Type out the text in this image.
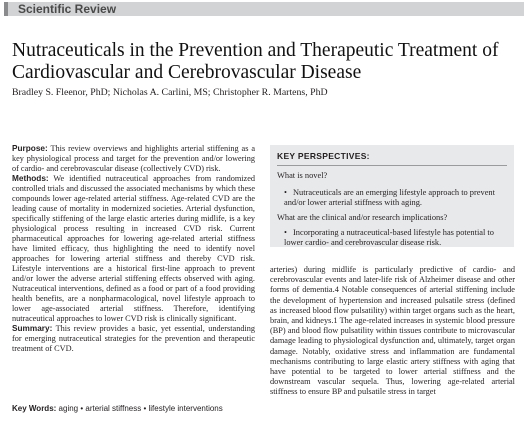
Scientific Review
Nutraceuticals in the Prevention and Therapeutic Treatment of Cardiovascular and Cerebrovascular Disease
Bradley S. Fleenor, PhD; Nicholas A. Carlini, MS; Christopher R. Martens, PhD

Purpose: This review overviews and highlights arterial stiffening as a key physiological process and target for the prevention and/or lowering of cardio- and cerebrovascular disease (collectively CVD) risk.

Methods: We identified nutraceutical approaches from randomized controlled trials and discussed the associated mechanisms by which these compounds lower age-related arterial stiffness. Age-related CVD are the leading cause of mortality in modernized societies. Arterial dysfunction, specifically stiffening of the large elastic arteries during midlife, is a key physiological process resulting in increased CVD risk. Current pharmaceutical approaches for lowering age-related arterial stiffness have limited efficacy, thus highlighting the need to identify novel approaches for lowering arterial stiffness and thereby CVD risk. Lifestyle interventions are a historical first-line approach to prevent and/or lower the adverse arterial stiffening effects observed with aging. Nutraceutical interventions, defined as a food or part of a food providing health benefits, are a nonpharmacological, novel lifestyle approach to lower age-associated arterial stiffness. Therefore, identifying nutraceutical approaches to lower CVD risk is clinically significant.

Summary: This review provides a basic, yet essential, understanding for emerging nutraceutical strategies for the prevention and therapeutic treatment of CVD.

Key Words: aging • arterial stiffness • lifestyle interventions
KEY PERSPECTIVES:
What is novel?
• Nutraceuticals are an emerging lifestyle approach to prevent and/or lower arterial stiffness with aging.
What are the clinical and/or research implications?
• Incorporating a nutraceutical-based lifestyle has potential to lower cardio- and cerebrovascular disease risk.

arteries) during midlife is particularly predictive of cardio- and cerebrovascular events and later-life risk of Alzheimer disease and other forms of dementia.4 Notable consequences of arterial stiffening include the development of hypertension and increased pulsatile stress (defined as increased blood flow pulsatility) within target organs such as the heart, brain, and kidneys.1 The age-related increases in systemic blood pressure (BP) and blood flow pulsatility within tissues contribute to microvascular damage leading to physiological dysfunction and, ultimately, target organ damage. Notably, oxidative stress and inflammation are fundamental mechanisms contributing to large elastic artery stiffness with aging that have potential to be targeted to lower arterial stiffness and the downstream vascular sequela. Thus, lowering age-related arterial stiffness to ensure BP and pulsatile stress in target
